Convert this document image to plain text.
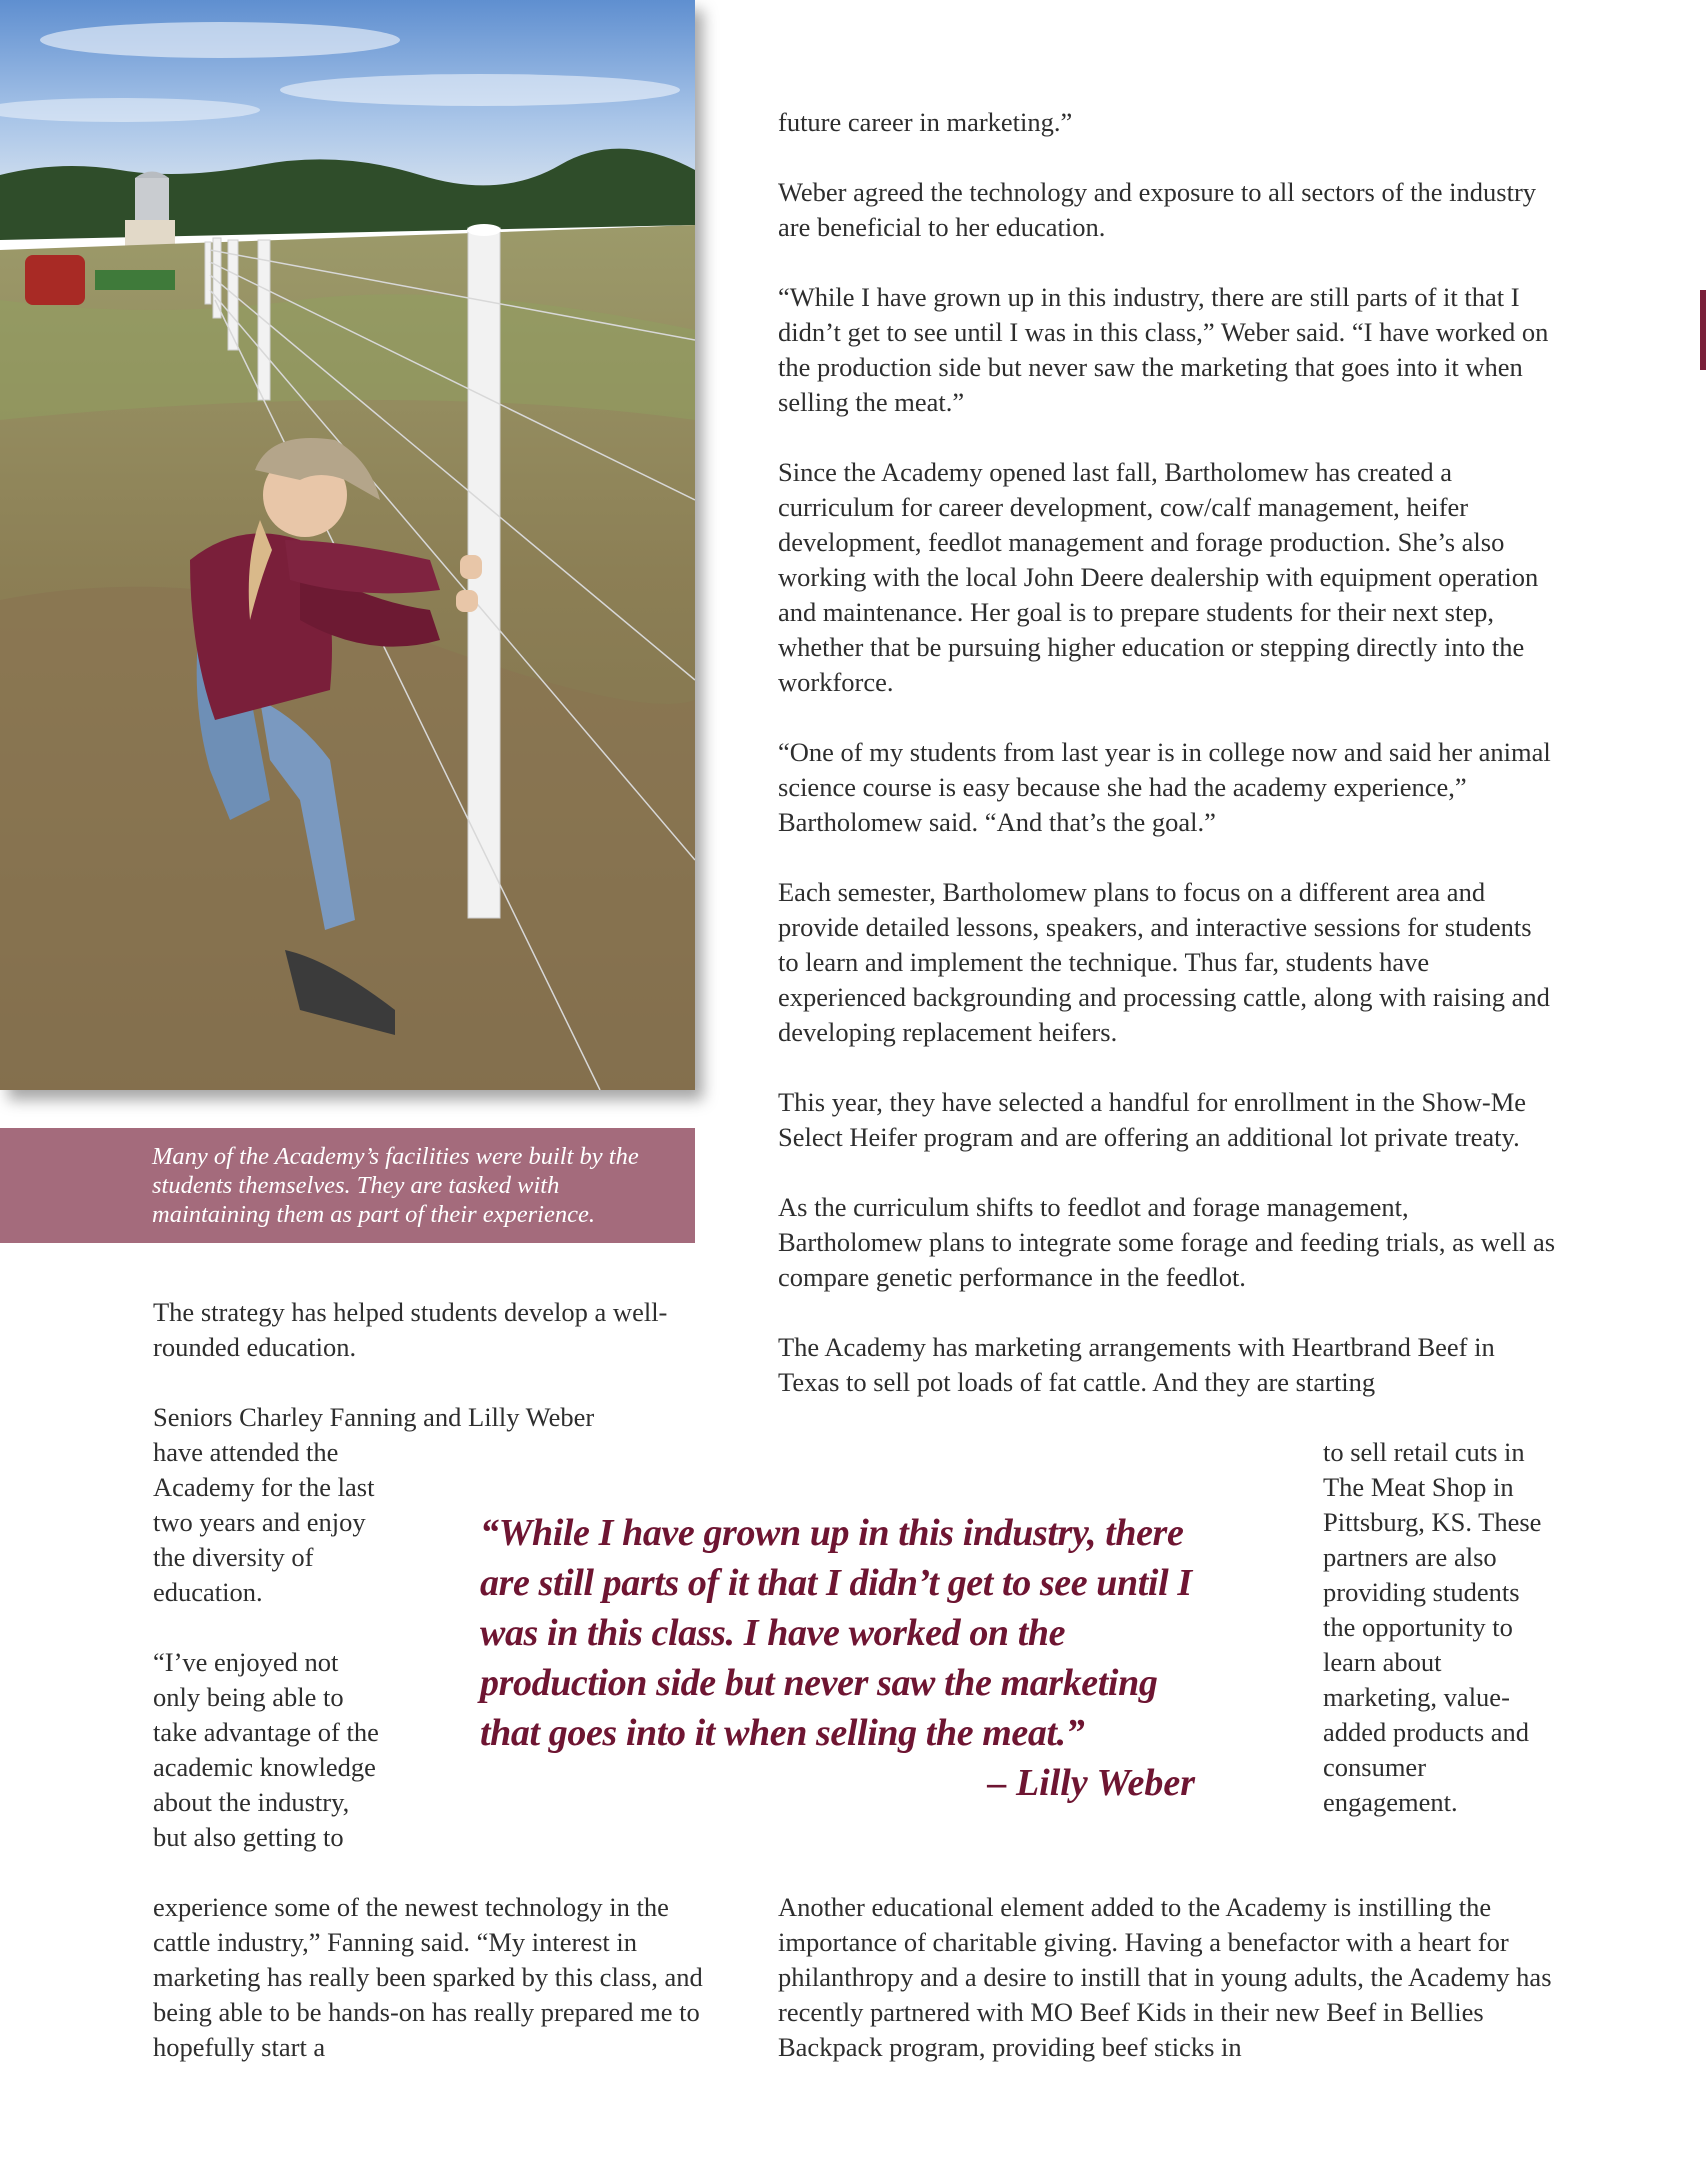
Many of the Academy’s facilities were built by the students themselves. They are tasked with maintaining them as part of their experience.

future career in marketing.”

Weber agreed the technology and exposure to all sectors of the industry are beneficial to her education.

“While I have grown up in this industry, there are still parts of it that I didn’t get to see until I was in this class,” Weber said. “I have worked on the production side but never saw the marketing that goes into it when selling the meat.”

Since the Academy opened last fall, Bartholomew has created a curriculum for career development, cow/calf management, heifer development, feedlot management and forage production. She’s also working with the local John Deere dealership with equipment operation and maintenance. Her goal is to prepare students for their next step, whether that be pursuing higher education or stepping directly into the workforce.

“One of my students from last year is in college now and said her animal science course is easy because she had the academy experience,” Bartholomew said. “And that’s the goal.”

Each semester, Bartholomew plans to focus on a different area and provide detailed lessons, speakers, and interactive sessions for students to learn and implement the technique. Thus far, students have experienced backgrounding and processing cattle, along with raising and developing replacement heifers.

This year, they have selected a handful for enrollment in the Show-Me Select Heifer program and are offering an additional lot private treaty.

As the curriculum shifts to feedlot and forage management, Bartholomew plans to integrate some forage and feeding trials, as well as compare genetic performance in the feedlot.

The Academy has marketing arrangements with Heartbrand Beef in Texas to sell pot loads of fat cattle. And they are starting

The strategy has helped students develop a well-rounded education.

Seniors Charley Fanning and Lilly Weber

have attended the Academy for the last two years and enjoy the diversity of education.

“I’ve enjoyed not only being able to take advantage of the academic knowledge about the industry, but also getting to

to sell retail cuts in The Meat Shop in Pittsburg, KS. These partners are also providing students the opportunity to learn about marketing, value-added products and consumer engagement.

“While I have grown up in this industry, there are still parts of it that I didn’t get to see until I was in this class. I have worked on the production side but never saw the marketing that goes into it when selling the meat.”
– Lilly Weber

experience some of the newest technology in the cattle industry,” Fanning said. “My interest in marketing has really been sparked by this class, and being able to be hands-on has really prepared me to hopefully start a

Another educational element added to the Academy is instilling the importance of charitable giving. Having a benefactor with a heart for philanthropy and a desire to instill that in young adults, the Academy has recently partnered with MO Beef Kids in their new Beef in Bellies Backpack program, providing beef sticks in
